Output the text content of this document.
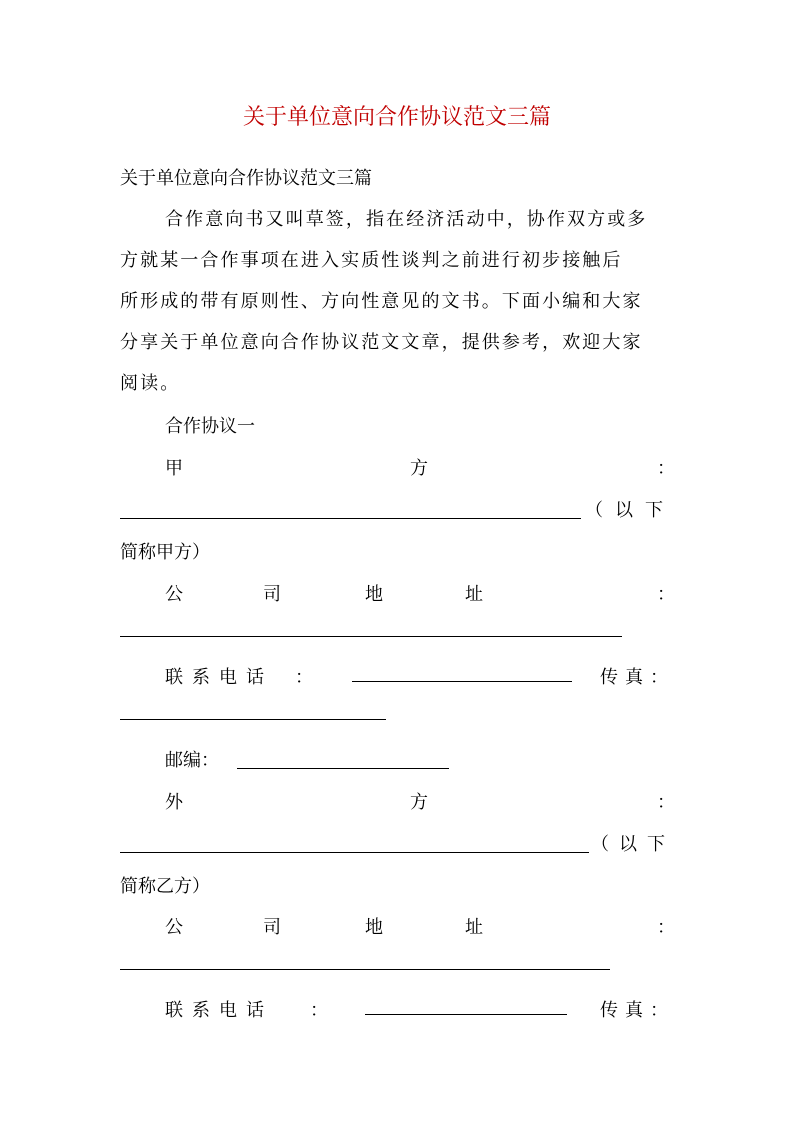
关于单位意向合作协议范文三篇
关于单位意向合作协议范文三篇
合作意向书又叫草签，指在经济活动中，协作双方或多
方就某一合作事项在进入实质性谈判之前进行初步接触后
所形成的带有原则性、方向性意见的文书。下面小编和大家
分享关于单位意向合作协议范文文章，提供参考，欢迎大家
阅读。
合作协议一
甲	方	：
（以下
简称甲方）
公	司	地	址	：
联系电话 ：	传真：
邮编：
外	方	：
（以下
简称乙方）
公	司	地	址	：
联系电话 ：	传真：
